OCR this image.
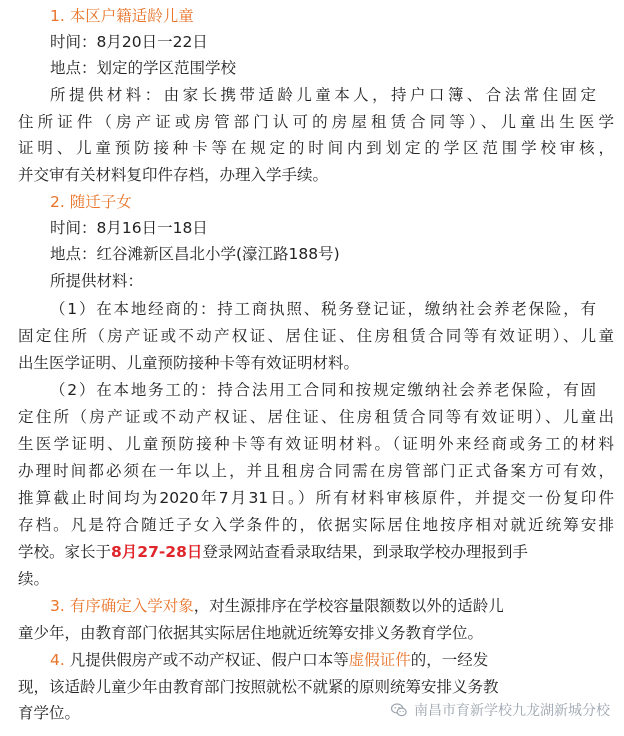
1. 本区户籍适龄儿童
时间：8月20日一22日
地点：划定的学区范围学校
所提供材料：由家长携带适龄儿童本人，持户口簿、合法常住固定
住所证件（房产证或房管部门认可的房屋租赁合同等）、儿童出生医学
证明、儿童预防接种卡等在规定的时间内到划定的学区范围学校审核，
并交审有关材料复印件存档，办理入学手续。
2. 随迁子女
时间：8月16日一18日
地点：红谷滩新区昌北小学(濠江路188号)
所提供材料：
（1）在本地经商的：持工商执照、税务登记证，缴纳社会养老保险，有
固定住所（房产证或不动产权证、居住证、住房租赁合同等有效证明）、儿童
出生医学证明、儿童预防接种卡等有效证明材料。
（2）在本地务工的：持合法用工合同和按规定缴纳社会养老保险，有固
定住所（房产证或不动产权证、居住证、住房租赁合同等有效证明）、儿童出
生医学证明、儿童预防接种卡等有效证明材料。（证明外来经商或务工的材料
办理时间都必须在一年以上，并且租房合同需在房管部门正式备案方可有效，
推算截止时间均为2020年7月31日。）所有材料审核原件，并提交一份复印件
存档。凡是符合随迁子女入学条件的，依据实际居住地按序相对就近统筹安排
学校。家长于8月27-28日登录网站查看录取结果，到录取学校办理报到手
续。
3. 有序确定入学对象，对生源排序在学校容量限额数以外的适龄儿
童少年，由教育部门依据其实际居住地就近统筹安排义务教育学位。
4. 凡提供假房产或不动产权证、假户口本等虚假证件的，一经发
现，该适龄儿童少年由教育部门按照就松不就紧的原则统筹安排义务教
育学位。	南昌市育新学校九龙湖新城分校
